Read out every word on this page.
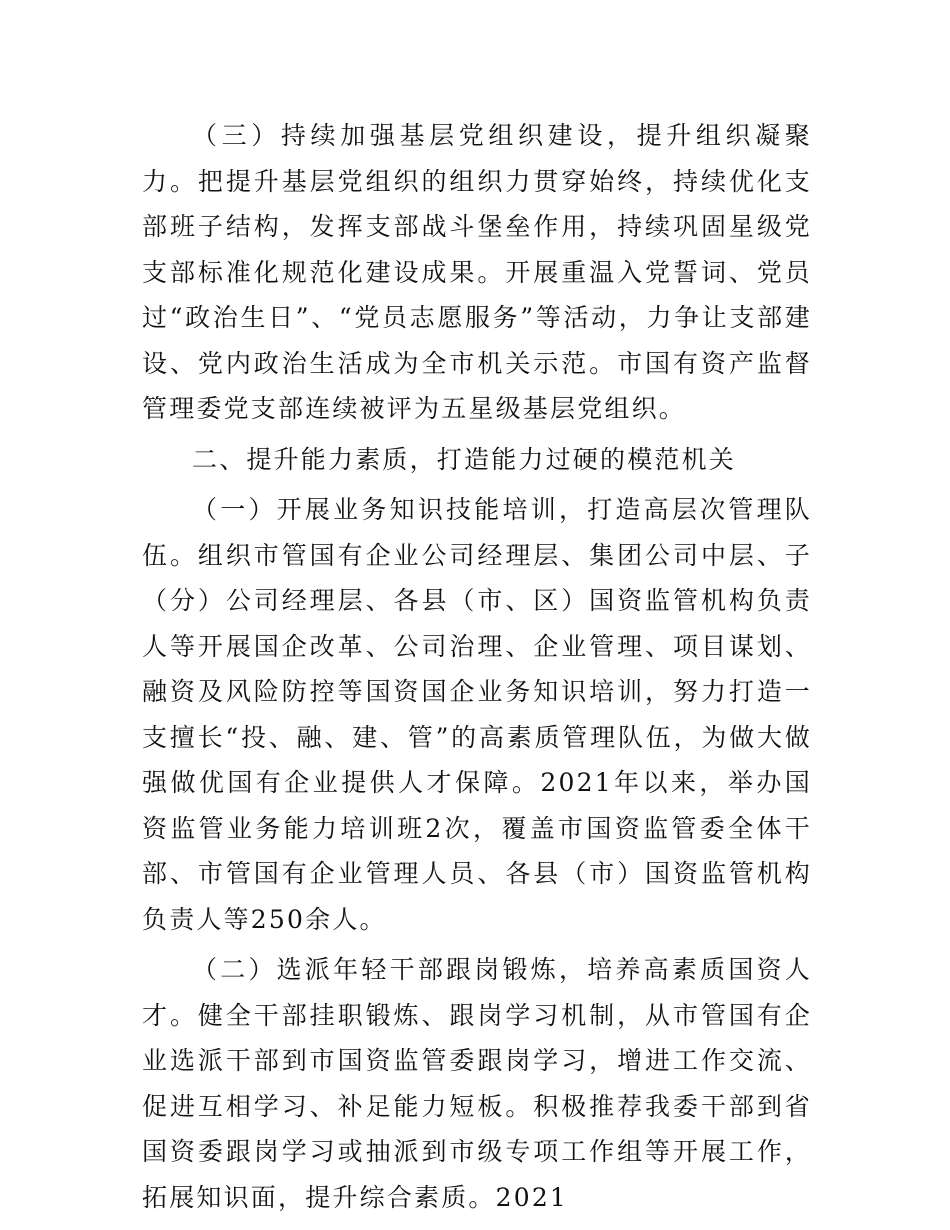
（三）持续加强基层党组织建设，提升组织凝聚力。把提升基层党组织的组织力贯穿始终，持续优化支部班子结构，发挥支部战斗堡垒作用，持续巩固星级党支部标准化规范化建设成果。开展重温入党誓词、党员过“政治生日”、“党员志愿服务”等活动，力争让支部建设、党内政治生活成为全市机关示范。市国有资产监督管理委党支部连续被评为五星级基层党组织。

二、提升能力素质，打造能力过硬的模范机关

（一）开展业务知识技能培训，打造高层次管理队伍。组织市管国有企业公司经理层、集团公司中层、子（分）公司经理层、各县（市、区）国资监管机构负责人等开展国企改革、公司治理、企业管理、项目谋划、融资及风险防控等国资国企业务知识培训，努力打造一支擅长“投、融、建、管”的高素质管理队伍，为做大做强做优国有企业提供人才保障。2021年以来，举办国资监管业务能力培训班2次，覆盖市国资监管委全体干部、市管国有企业管理人员、各县（市）国资监管机构负责人等250余人。

（二）选派年轻干部跟岗锻炼，培养高素质国资人才。健全干部挂职锻炼、跟岗学习机制，从市管国有企业选派干部到市国资监管委跟岗学习，增进工作交流、促进互相学习、补足能力短板。积极推荐我委干部到省国资委跟岗学习或抽派到市级专项工作组等开展工作，拓展知识面，提升综合素质。2021
